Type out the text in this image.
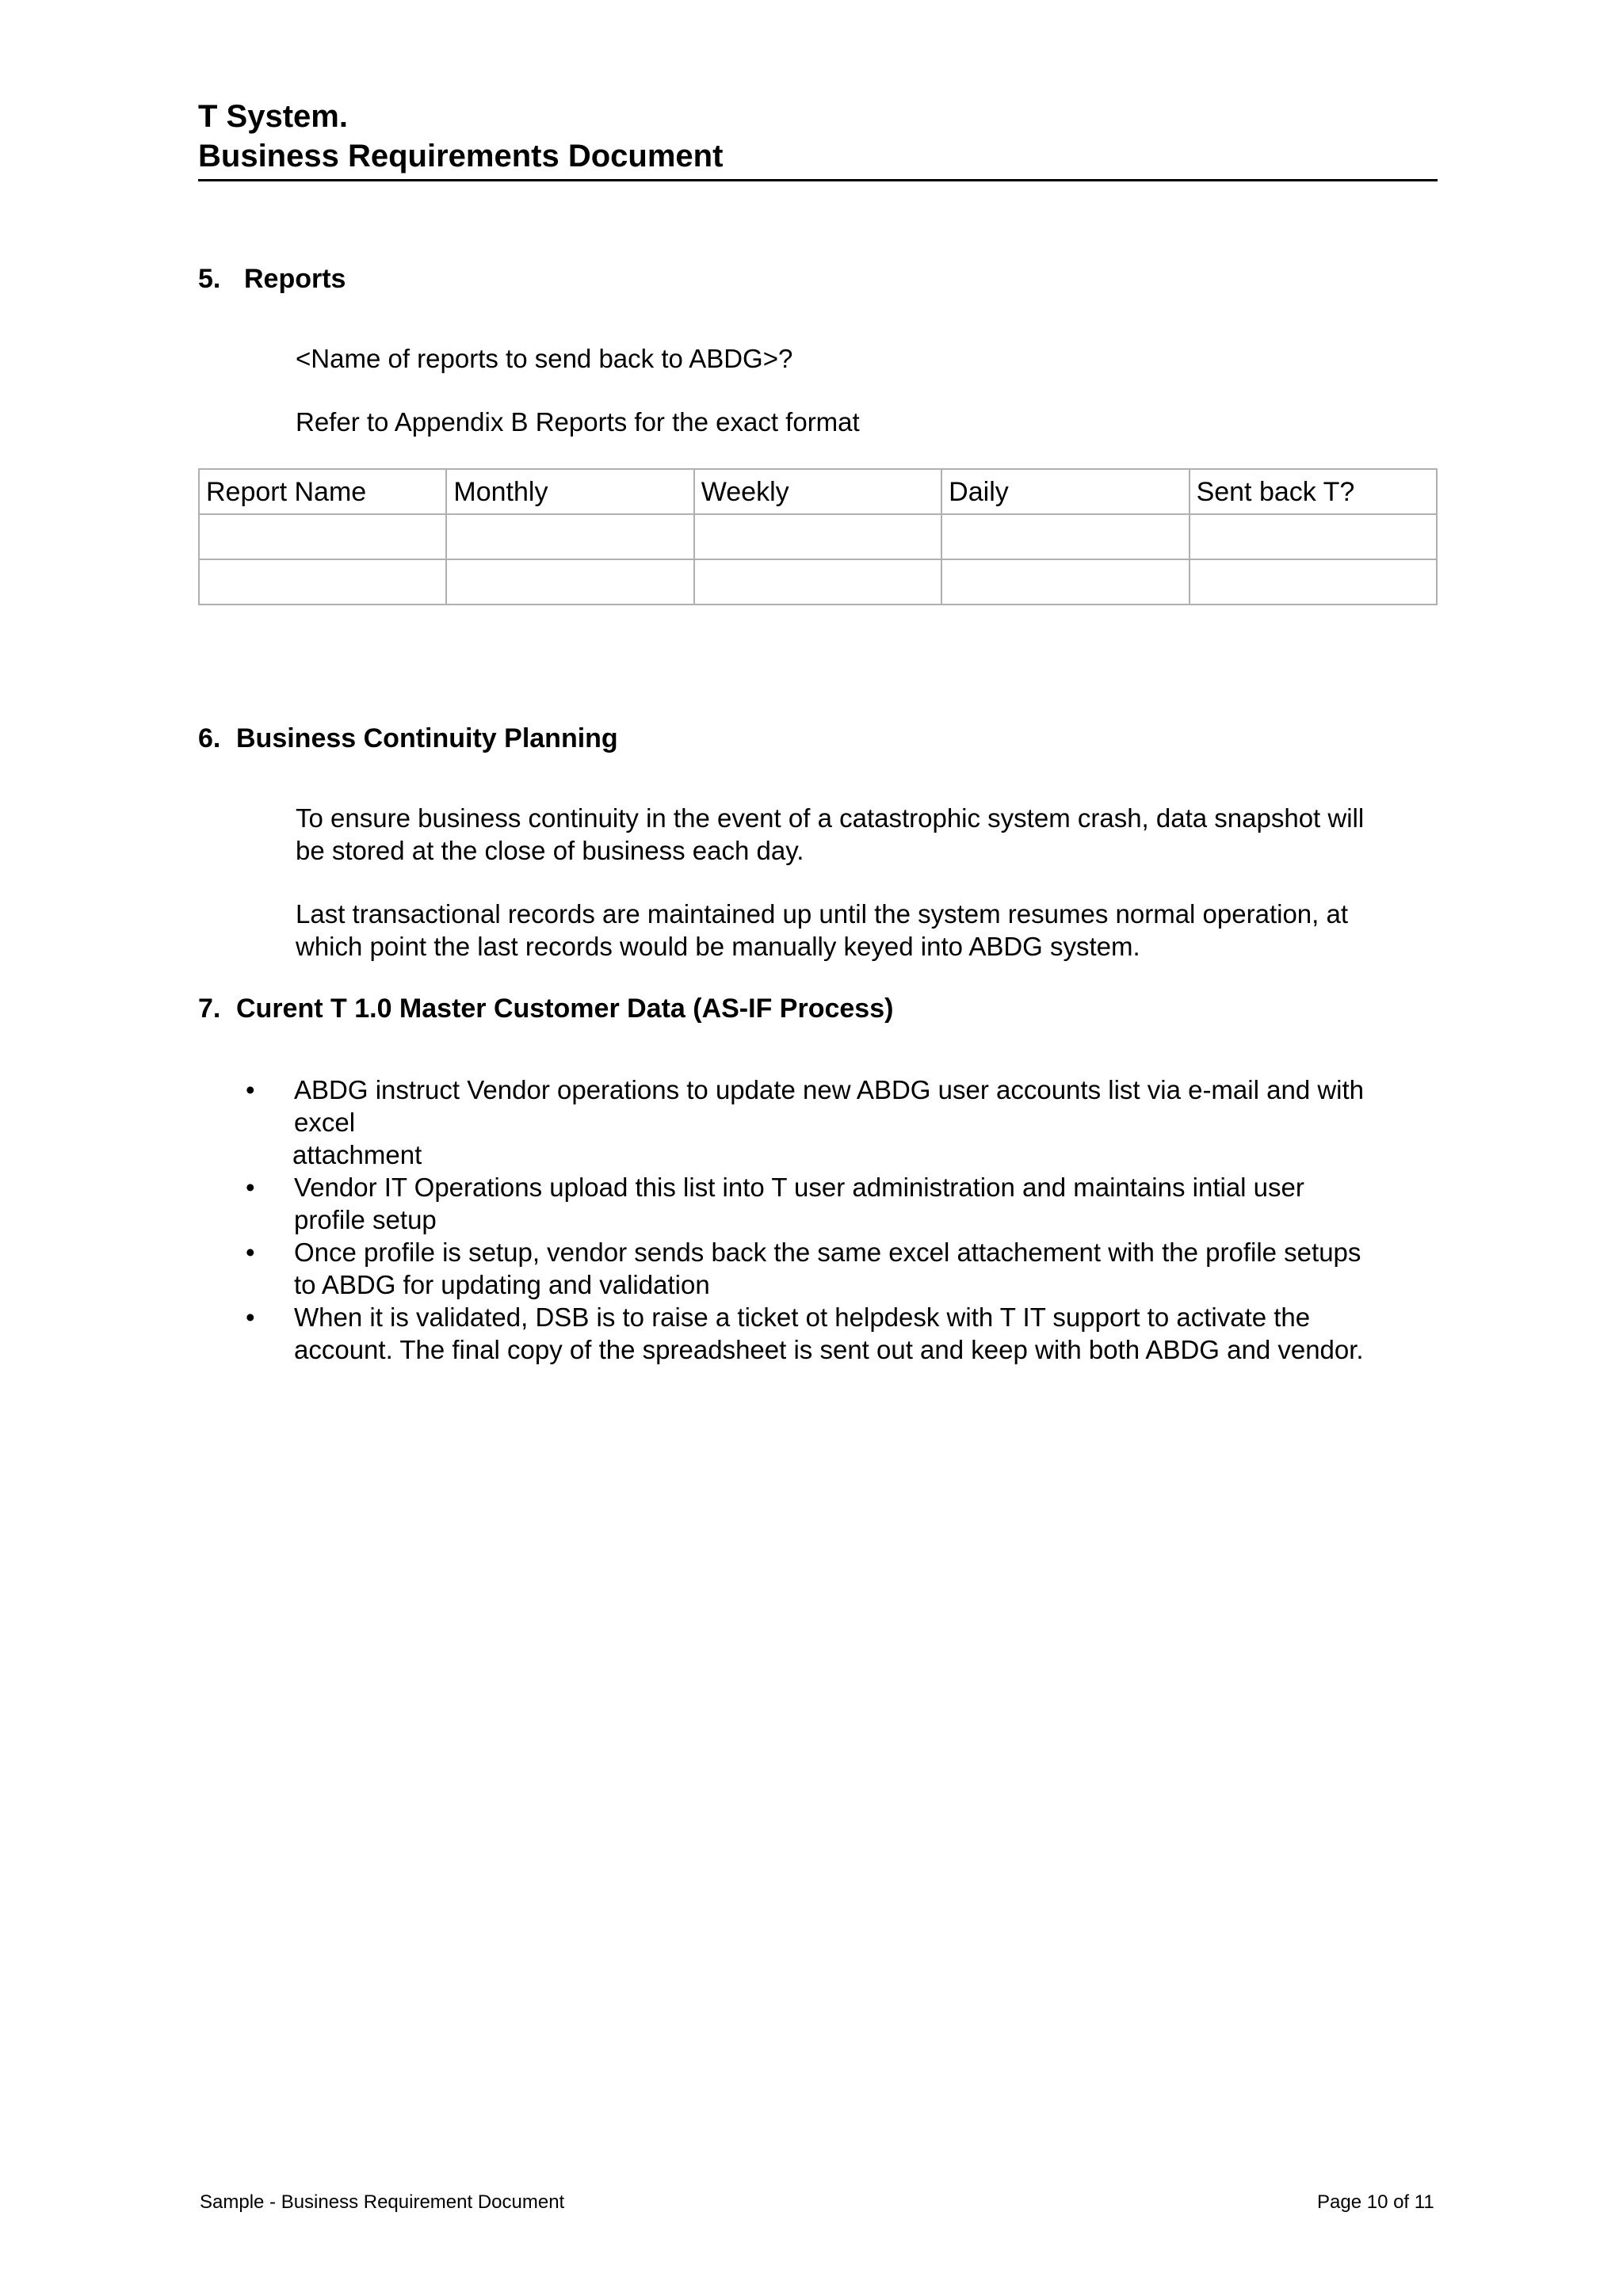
T System.
Business Requirements Document
5. Reports
<Name of reports to send back to ABDG>?
Refer to Appendix B Reports for the exact format
Report Name	Monthly	Weekly	Daily	Sent back T?

6. Business Continuity Planning
To ensure business continuity in the event of a catastrophic system crash, data snapshot will
be stored at the close of business each day.
Last transactional records are maintained up until the system resumes normal operation, at
which point the last records would be manually keyed into ABDG system.
7. Curent T 1.0 Master Customer Data (AS-IF Process)
• ABDG instruct Vendor operations to update new ABDG user accounts list via e-mail and with
excel
attachment
• Vendor IT Operations upload this list into T user administration and maintains intial user
profile setup
• Once profile is setup, vendor sends back the same excel attachement with the profile setups
to ABDG for updating and validation
• When it is validated, DSB is to raise a ticket ot helpdesk with T IT support to activate the
account. The final copy of the spreadsheet is sent out and keep with both ABDG and vendor.
Sample - Business Requirement Document	Page 10 of 11
